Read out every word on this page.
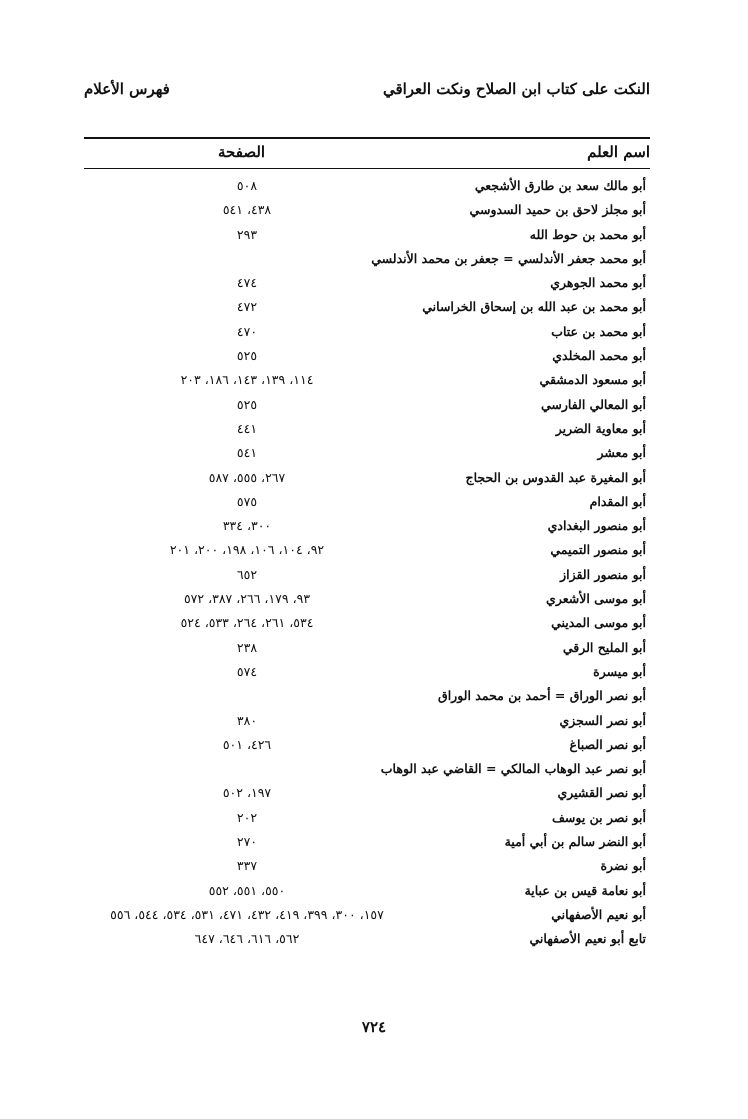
النكت على كتاب ابن الصلاح ونكت العراقي
فهرس الأعلام
اسم العلم
الصفحة
أبو مالك سعد بن طارق الأشجعي
٥٠٨
أبو مجلز لاحق بن حميد السدوسي
٤٣٨، ٥٤١
أبو محمد بن حوط الله
٢٩٣
أبو محمد جعفر الأندلسي = جعفر بن محمد الأندلسي
أبو محمد الجوهري
٤٧٤
أبو محمد بن عبد الله بن إسحاق الخراساني
٤٧٢
أبو محمد بن عتاب
٤٧٠
أبو محمد المخلدي
٥٢٥
أبو مسعود الدمشقي
١١٤، ١٣٩، ١٤٣، ١٨٦، ٢٠٣
أبو المعالي الفارسي
٥٢٥
أبو معاوية الضرير
٤٤١
أبو معشر
٥٤١
أبو المغيرة عبد القدوس بن الحجاج
٢٦٧، ٥٥٥، ٥٨٧
أبو المقدام
٥٧٥
أبو منصور البغدادي
٣٠٠، ٣٣٤
أبو منصور التميمي
٩٢، ١٠٤، ١٠٦، ١٩٨، ٢٠٠، ٢٠١
أبو منصور القزاز
٦٥٢
أبو موسى الأشعري
٩٣، ١٧٩، ٢٦٦، ٣٨٧، ٥٧٢
أبو موسى المديني
٥٣٤، ٢٦١، ٢٦٤، ٥٣٣، ٥٢٤
أبو المليح الرقي
٢٣٨
أبو ميسرة
٥٧٤
أبو نصر الوراق = أحمد بن محمد الوراق
أبو نصر السجزي
٣٨٠
أبو نصر الصباغ
٤٢٦، ٥٠١
أبو نصر عبد الوهاب المالكي = القاضي عبد الوهاب
أبو نصر القشيري
١٩٧، ٥٠٢
أبو نصر بن يوسف
٢٠٢
أبو النضر سالم بن أبي أمية
٢٧٠
أبو نضرة
٣٣٧
أبو نعامة قيس بن عباية
٥٥٠، ٥٥١، ٥٥٢
أبو نعيم الأصفهاني
١٥٧، ٣٠٠، ٣٩٩، ٤١٩، ٤٣٢، ٤٧١، ٥٣١، ٥٣٤، ٥٤٤، ٥٥٦
تابع أبو نعيم الأصفهاني
٥٦٢، ٦١٦، ٦٤٦، ٦٤٧
٧٢٤
